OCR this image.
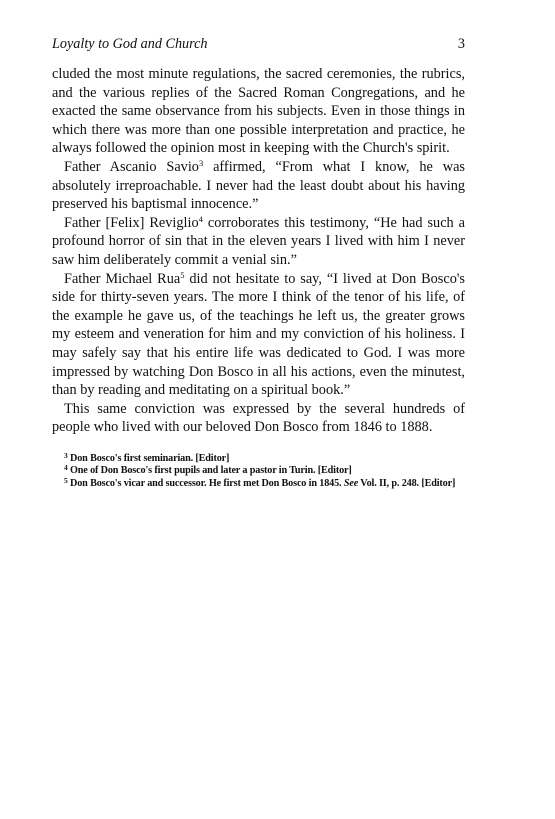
Loyalty to God and Church	3

cluded the most minute regulations, the sacred ceremonies, the rubrics, and the various replies of the Sacred Roman Congregations, and he exacted the same observance from his subjects. Even in those things in which there was more than one possible interpretation and practice, he always followed the opinion most in keeping with the Church's spirit.

Father Ascanio Savio$^3$ affirmed, “From what I know, he was absolutely irreproachable. I never had the least doubt about his having preserved his baptismal innocence.”

Father [Felix] Reviglio$^4$ corroborates this testimony, “He had such a profound horror of sin that in the eleven years I lived with him I never saw him deliberately commit a venial sin.”

Father Michael Rua$^5$ did not hesitate to say, “I lived at Don Bosco's side for thirty-seven years. The more I think of the tenor of his life, of the example he gave us, of the teachings he left us, the greater grows my esteem and veneration for him and my conviction of his holiness. I may safely say that his entire life was dedicated to God. I was more impressed by watching Don Bosco in all his actions, even the minutest, than by reading and meditating on a spiritual book.”

This same conviction was expressed by the several hundreds of people who lived with our beloved Don Bosco from 1846 to 1888.

$^3$ Don Bosco's first seminarian. [Editor]
$^4$ One of Don Bosco's first pupils and later a pastor in Turin. [Editor]
$^5$ Don Bosco's vicar and successor. He first met Don Bosco in 1845. See Vol. II, p. 248. [Editor]
